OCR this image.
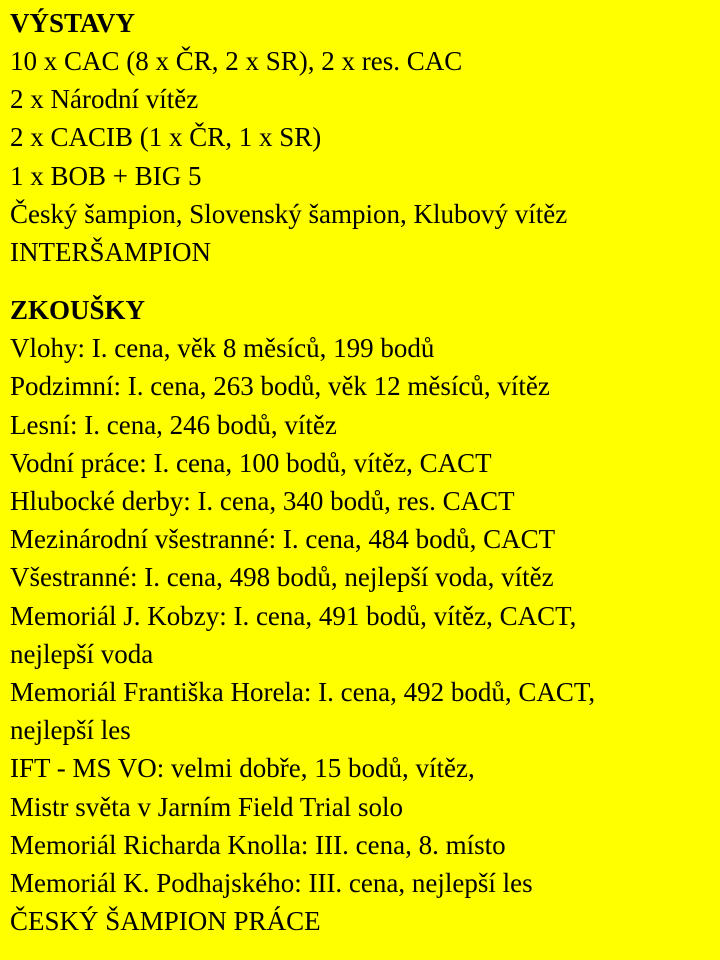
VÝSTAVY

10 x CAC (8 x ČR, 2 x SR), 2 x res. CAC

2 x Národní vítěz

2 x CACIB (1 x ČR, 1 x SR)

1 x BOB + BIG 5

Český šampion, Slovenský šampion, Klubový vítěz

INTERŠAMPION

ZKOUŠKY

Vlohy: I. cena, věk 8 měsíců, 199 bodů

Podzimní: I. cena, 263 bodů, věk 12 měsíců, vítěz

Lesní: I. cena, 246 bodů, vítěz

Vodní práce: I. cena, 100 bodů, vítěz, CACT

Hlubocké derby: I. cena, 340 bodů, res. CACT

Mezinárodní všestranné: I. cena, 484 bodů, CACT

Všestranné: I. cena, 498 bodů, nejlepší voda, vítěz

Memoriál J. Kobzy: I. cena, 491 bodů, vítěz, CACT,

nejlepší voda

Memoriál Františka Horela: I. cena, 492 bodů, CACT,

nejlepší les

IFT - MS VO: velmi dobře, 15 bodů, vítěz,

Mistr světa v Jarním Field Trial solo

Memoriál Richarda Knolla: III. cena, 8. místo

Memoriál K. Podhajského: III. cena, nejlepší les

ČESKÝ ŠAMPION PRÁCE
